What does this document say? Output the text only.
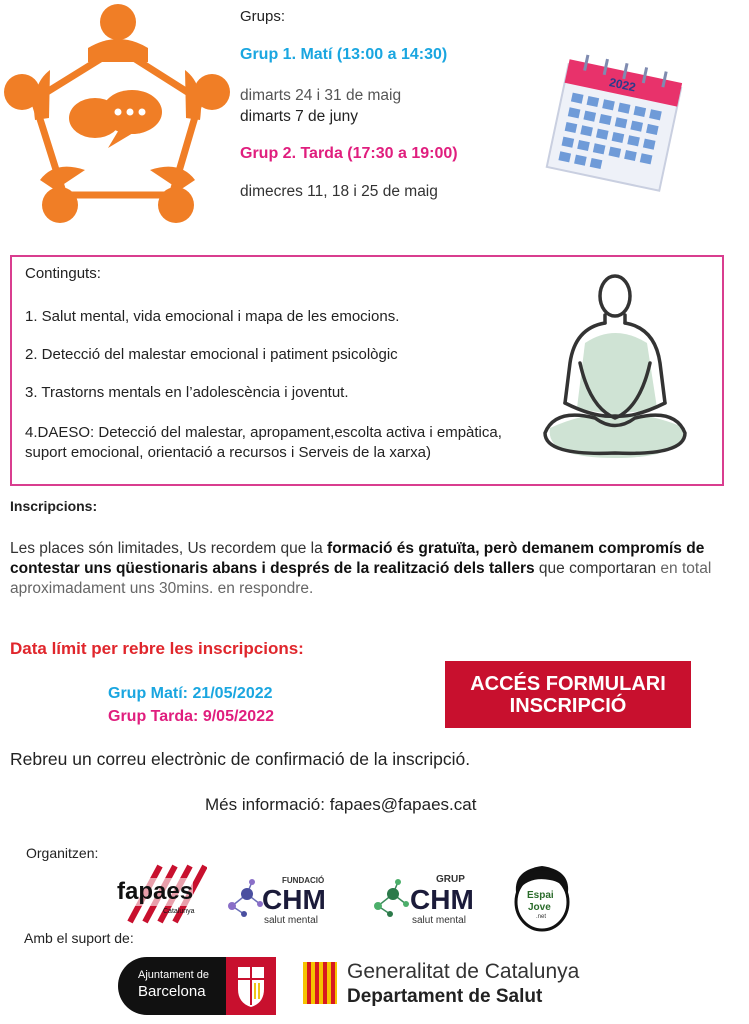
Grups:
Grup 1. Matí (13:00 a 14:30)
dimarts 24 i 31 de maig
dimarts 7 de juny
Grup 2. Tarda (17:30 a 19:00)
dimecres 11, 18 i 25 de maig
2022
Continguts:
1. Salut mental, vida emocional i mapa de les emocions.
2. Detecció del malestar emocional i patiment psicològic
3. Trastorns mentals en l’adolescència i joventut.
4.DAESO: Detecció del malestar, apropament,escolta activa i empàtica, suport emocional, orientació a recursos i Serveis de la xarxa)
Inscripcions:
Les places són limitades, Us recordem que la formació és gratuïta, però demanem compromís de contestar uns qüestionaris abans i després de la realització dels tallers que comportaran en total aproximadament uns 30mins. en respondre.
Data límit per rebre les inscripcions:
Grup Matí: 21/05/2022
Grup Tarda: 9/05/2022
ACCÉS FORMULARI
INSCRIPCIÓ
Rebreu un correu electrònic de confirmació de la inscripció.
Més informació: fapaes@fapaes.cat
Organitzen:
fapaes
Catalunya
FUNDACIÓ
CHM
salut mental
GRUP
CHM
salut mental
Espai
Jove
.net
Amb el suport de:
Ajuntament de
Barcelona
Generalitat de Catalunya
Departament de Salut
